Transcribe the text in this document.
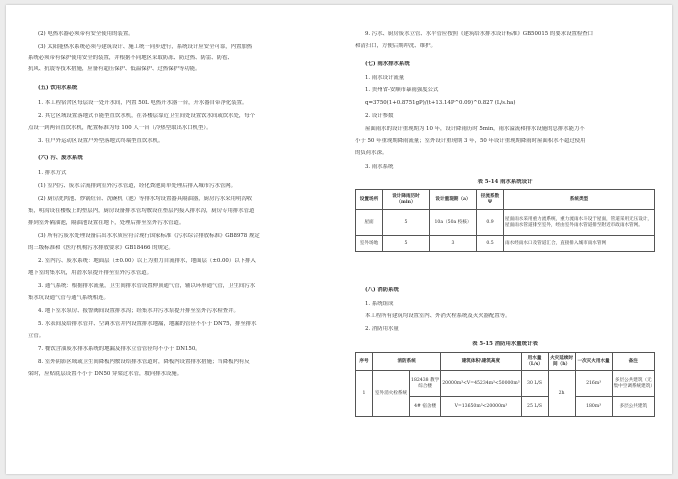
(2) 电热水器必须带有安全使用的装置。
(3) 太阳能热水系统必须与建筑设计、施工统一同步进行，系统设计应安全可靠，内置加热
系统必须带有保护使用安全的装置，并根据不同地区采取防冻、防过热、防雷、防雹、
抗风、抗震等技术措施，应备有超压保护、低温保护、过热保护等功能。
(五) 饮用水系统
1. 本工程宿舍区每层设一处开水间，内置 50L 电热开水器一台，开水器自带净化装置。
2. 其它区域设置落地式节能型直饮水机，在各楼层靠近卫生间处设置饮水间或饮水处，每个
点设一到两台直饮水机，配置标准为每 100 人一台（冷热型取出水口机型）。
3. 在户外运动区设置户外型落地式终端型直饮水机。
(六) 污、废水系统
1. 排水方式
(1) 室内污、废水合流排到室外污水管道，经化粪池简单处理后排入城市污水管网。
(2) 厨房洗肉池、炒锅灶台、洗碗机（池）等排水均设置器具隔油器，厨房污水采用明沟收
集，明沟设在楼板上的垫层内，厨房设备排水管均敷设在垫层内接入排水沟，厨房专用排水管道
排到室外隔油池，隔油池设置在地下，处理后排至室外污水管道。
(3) 所有污废水处理设备后出水水质应符合现行国家标准《污水综合排放标准》GB8978 规定
的三级标准和《医疗机构污水排放要求》GB18466 的规定。
2. 室内污、废水系统：地面层（±0.00）以上为重力自流排水，地面层（±0.00）以下排入
地下室的集水坑，用潜水泵提升排至室外污水管道。
3. 通气系统：根据排水流量，卫生间排水管设置伸顶通气管，辅以环形通气管，卫生间污水
集水坑设通气管与通气系统相连。
4. 地下室水泵房、报警阀间设置排水沟；经集水井污水泵提升排至室外污水检查井。
5. 水表间及给排水管井、空调水管井内设置排水地漏，地漏的管径不小于 DN75，排至排水
立管。
7. 餐饮含油废水排水系统的地漏及排水立管管径均不小于 DN150。
8. 室外阴影区域或卫生间降板内敷设给排水管道时，降板内设置排水措施；当降板内有反
梁时，应贴底层设置不小于 DN50 穿梁过水管，坡向排水设施。
9. 污水、厨房废水立管、水平管应按照《建筑给水排水设计标准》GB50015 的要求设置检查口
和清扫口，方便后期冲洗、维护。
(七) 雨水排水系统
1. 雨水设计流量
1. 贵州省-安顺市暴雨强度公式
q=3750(1+0.8751gP)/(t+13.14P^0.09)^0.827 (L/s.ha)
2. 设计参数
屋面雨水的设计重现期为 10 年，设计降雨历时 5min，雨水溢流和排水设施的总排水能力不
小于 50 年重现期降雨流量；室外设计重现期 3 年，50 年设计重现期降雨时屋面积水不超过使用
的负荷水深。
3. 雨水系统
表 5-14 雨水系统设计
设置场所	设计降雨历时（min）	设计重现期（a）	径流系数 Ψ	系统类型
屋面	5	10a（50a 校核）	0.9	屋面雨水采用重力流系统，重力流雨水斗设于屋面，管道采用无压设计，屋面雨水管道排至室外，经由室外雨水管道排至附近市政雨水管网。
室外场地	5	3	0.5	雨水经雨水口及管道汇合，直接排入城市雨水管网
(八) 消防系统
1. 系统组成
本工程所有建筑均设置室内、外消火栓系统及灭火器配置等。
2. 消防用水量
表 5-15 消防用水量统计表
序号	消防系统		建筑体积\建筑高度	用水量（L/s）	火灾延续时间（h）	一次灭火用水量	备注
1	室外消火栓系统	182438 教学综合楼	20000m³<V=45234m³<50000m³	30 L/S	2h	216m³	多层公共建筑（无集中空调系统建筑）
		4# 宿舍楼	V=13650m³<20000m³	25 L/S		180m³	多层公共建筑
